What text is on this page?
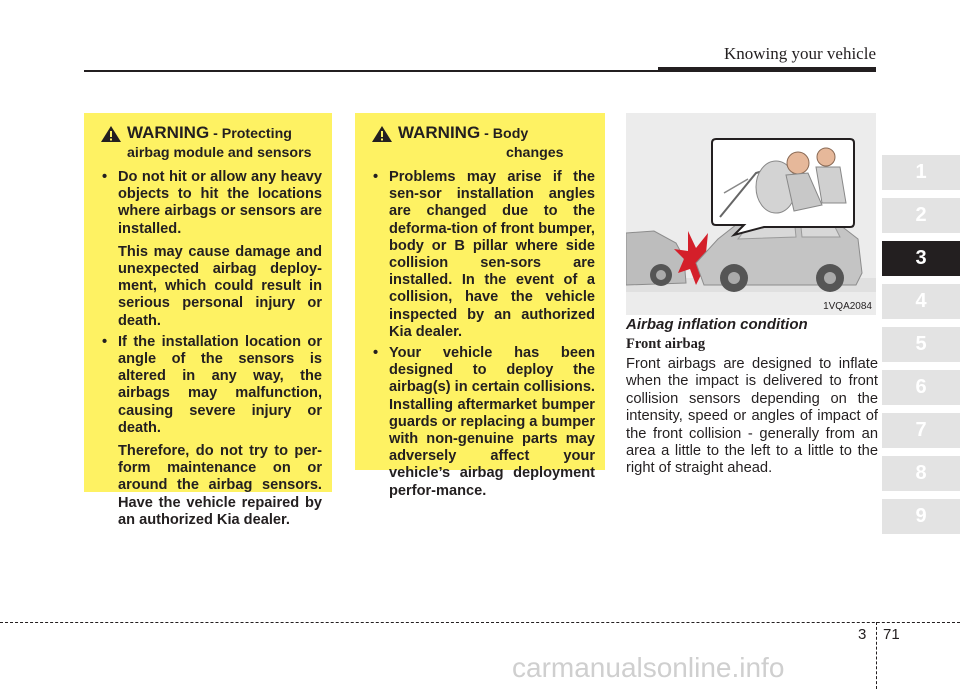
Knowing your vehicle
WARNING - Protecting
airbag module and sensors
• Do not hit or allow any heavy objects to hit the locations where airbags or sensors are installed.
This may cause damage and unexpected airbag deploy-ment, which could result in serious personal injury or death.
• If the installation location or angle of the sensors is altered in any way, the airbags may malfunction, causing severe injury or death.
Therefore, do not try to per-form maintenance on or around the airbag sensors. Have the vehicle repaired by an authorized Kia dealer.
WARNING - Body
changes
• Problems may arise if the sen-sor installation angles are changed due to the deforma-tion of front bumper, body or B pillar where side collision sen-sors are installed. In the event of a collision, have the vehicle inspected by an authorized Kia dealer.
• Your vehicle has been designed to deploy the airbag(s) in certain collisions. Installing aftermarket bumper guards or replacing a bumper with non-genuine parts may adversely affect your vehicle’s airbag deployment perfor-mance.
1VQA2084
Airbag inflation condition
Front airbag
Front airbags are designed to inflate when the impact is delivered to front collision sensors depending on the intensity, speed or angles of impact of the front collision - generally from an area a little to the left to a little to the right of straight ahead.
1
2
3
4
5
6
7
8
9
3 71
carmanualsonline.info
